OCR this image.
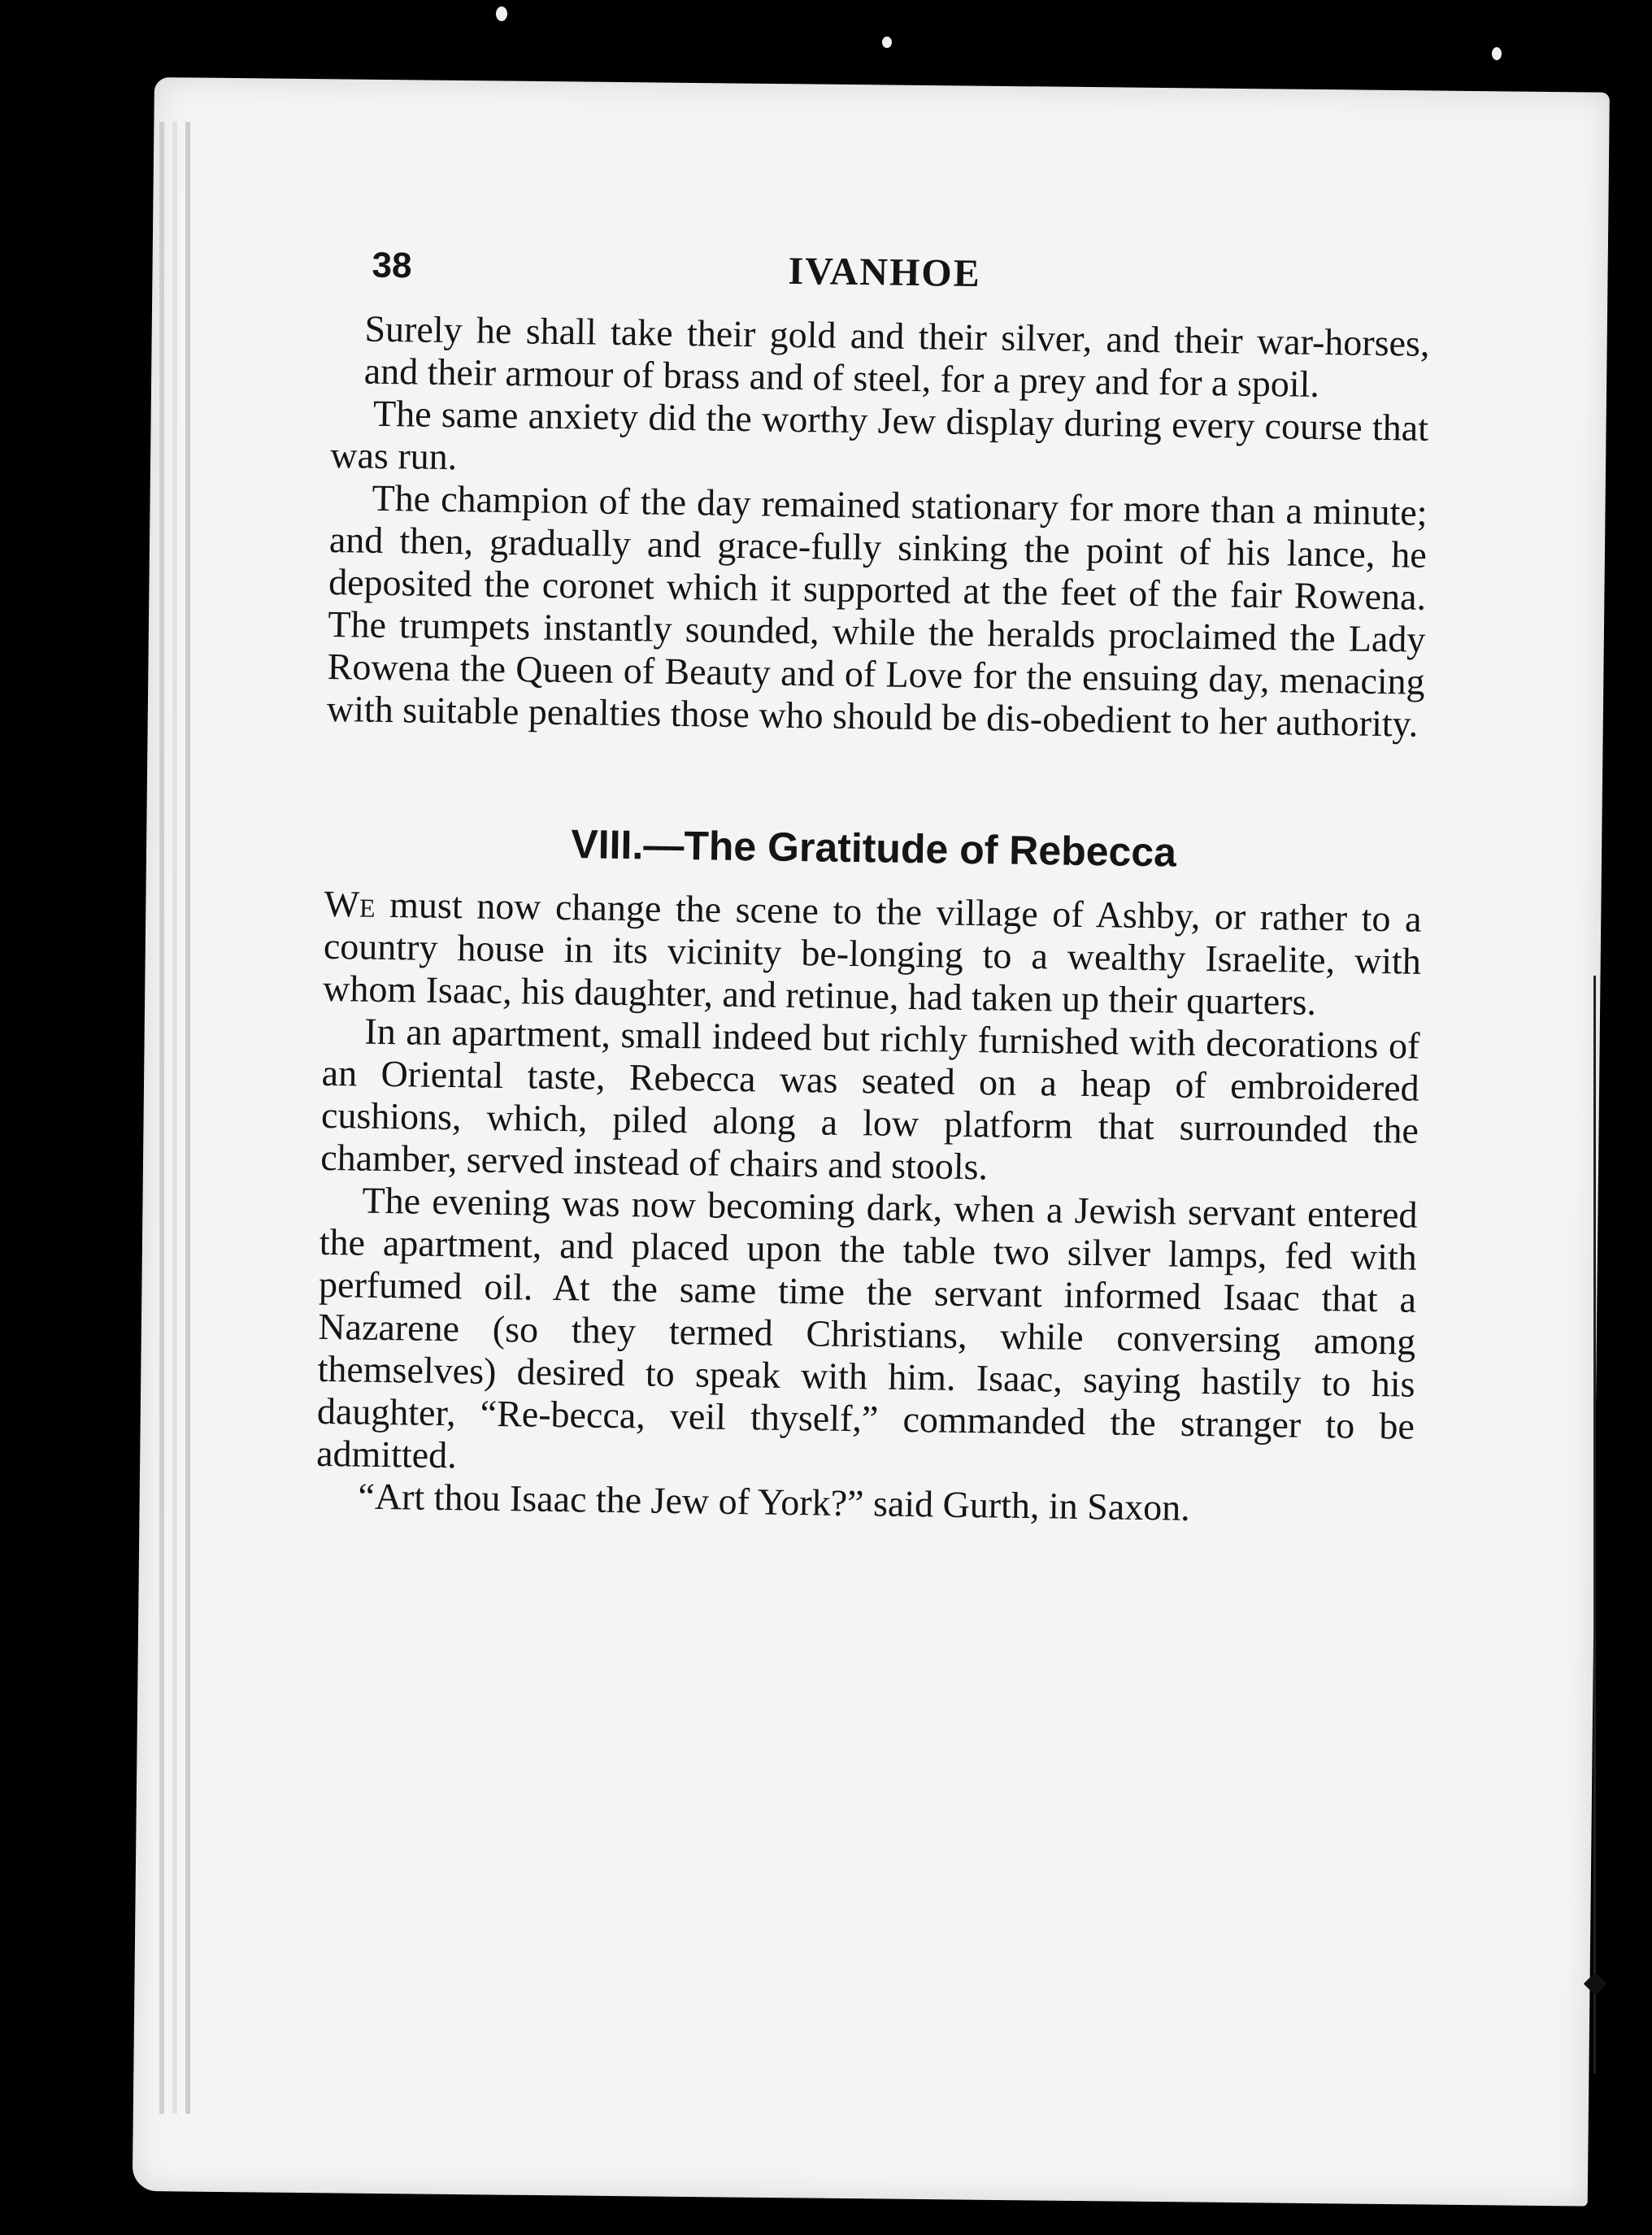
38	IVANHOE

Surely he shall take their gold and their silver, and their war-horses, and their armour of brass and of steel, for a prey and for a spoil.

The same anxiety did the worthy Jew display during every course that was run.

The champion of the day remained stationary for more than a minute; and then, gradually and grace-fully sinking the point of his lance, he deposited the coronet which it supported at the feet of the fair Rowena. The trumpets instantly sounded, while the heralds proclaimed the Lady Rowena the Queen of Beauty and of Love for the ensuing day, menacing with suitable penalties those who should be dis-obedient to her authority.

VIII.—The Gratitude of Rebecca

We must now change the scene to the village of Ashby, or rather to a country house in its vicinity be-longing to a wealthy Israelite, with whom Isaac, his daughter, and retinue, had taken up their quarters.

In an apartment, small indeed but richly furnished with decorations of an Oriental taste, Rebecca was seated on a heap of embroidered cushions, which, piled along a low platform that surrounded the chamber, served instead of chairs and stools.

The evening was now becoming dark, when a Jewish servant entered the apartment, and placed upon the table two silver lamps, fed with perfumed oil. At the same time the servant informed Isaac that a Nazarene (so they termed Christians, while conversing among themselves) desired to speak with him. Isaac, saying hastily to his daughter, “Re-becca, veil thyself,” commanded the stranger to be admitted.

“Art thou Isaac the Jew of York?” said Gurth, in Saxon.
